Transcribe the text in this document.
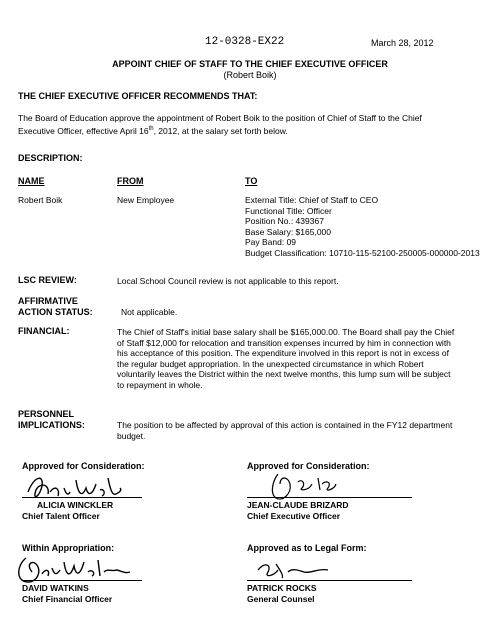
12-0328-EX22	March 28, 2012
APPOINT CHIEF OF STAFF TO THE CHIEF EXECUTIVE OFFICER
(Robert Boik)
THE CHIEF EXECUTIVE OFFICER RECOMMENDS THAT:
The Board of Education approve the appointment of Robert Boik to the position of Chief of Staff to the Chief
Executive Officer, effective April 16th, 2012, at the salary set forth below.
DESCRIPTION:
NAME	FROM	TO
Robert Boik	New Employee	External Title: Chief of Staff to CEO
Functional Title: Officer
Position No.: 439367
Base Salary: $165,000
Pay Band: 09
Budget Classification: 10710-115-52100-250005-000000-2013
LSC REVIEW:	Local School Council review is not applicable to this report.
AFFIRMATIVE
ACTION STATUS:	Not applicable.
FINANCIAL:	The Chief of Staff's initial base salary shall be $165,000.00. The Board shall pay the Chief
of Staff $12,000 for relocation and transition expenses incurred by him in connection with
his acceptance of this position. The expenditure involved in this report is not in excess of
the regular budget appropriation. In the unexpected circumstance in which Robert
voluntarily leaves the District within the next twelve months, this lump sum will be subject
to repayment in whole.
PERSONNEL
IMPLICATIONS:	The position to be affected by approval of this action is contained in the FY12 department
budget.
Approved for Consideration:
ALICIA WINCKLER
Chief Talent Officer
Approved for Consideration:
JEAN-CLAUDE BRIZARD
Chief Executive Officer
Within Appropriation:
DAVID WATKINS
Chief Financial Officer
Approved as to Legal Form:
PATRICK ROCKS
General Counsel
